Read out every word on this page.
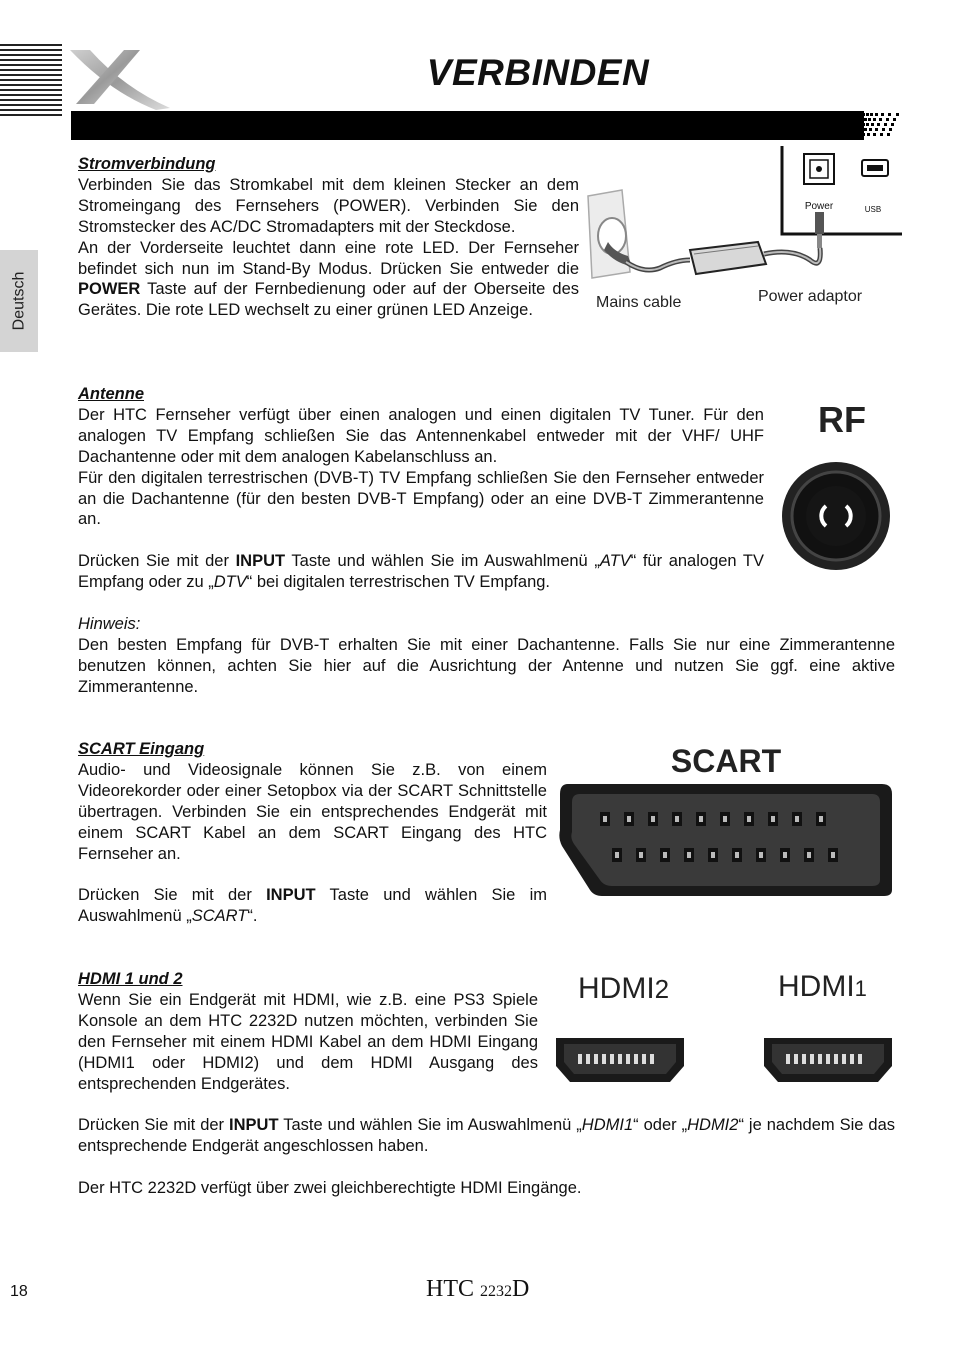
VERBINDEN
Deutsch

Stromverbindung

Verbinden Sie das Stromkabel mit dem kleinen Stecker an dem Stromeingang des Fernsehers (POWER). Verbinden Sie den Stromstecker des AC/DC Stromadapters mit der Steckdose.

An der Vorderseite leuchtet dann eine rote LED. Der Fernseher befindet sich nun im Stand-By Modus. Drücken Sie entweder die POWER Taste auf der Fernbedienung oder auf der Oberseite des Gerätes. Die rote LED wechselt zu einer grünen LED Anzeige.

Power	USB
Mains cable	Power adaptor

Antenne

Der HTC Fernseher verfügt über einen analogen und einen digitalen TV Tuner. Für den analogen TV Empfang schließen Sie das Antennenkabel entweder mit der VHF/ UHF Dachantenne oder mit dem analogen Kabelanschluss an.

Für den digitalen terrestrischen (DVB-T) TV Empfang schließen Sie den Fernseher entweder an die Dachantenne (für den besten DVB-T Empfang) oder an eine DVB-T Zimmerantenne an.

Drücken Sie mit der INPUT Taste und wählen Sie im Auswahlmenü „ATV“ für analogen TV Empfang oder zu „DTV“ bei digitalen terrestrischen TV Empfang.

Hinweis:

Den besten Empfang für DVB-T erhalten Sie mit einer Dachantenne. Falls Sie nur eine Zimmerantenne benutzen können, achten Sie hier auf die Ausrichtung der Antenne und nutzen Sie ggf. eine aktive Zimmerantenne.

RF

SCART Eingang

Audio- und Videosignale können Sie z.B. von einem Videorekorder oder einer Setopbox via der SCART Schnittstelle übertragen. Verbinden Sie ein entsprechendes Endgerät mit einem SCART Kabel an dem SCART Eingang des HTC Fernseher an.

Drücken Sie mit der INPUT Taste und wählen Sie im Auswahlmenü „SCART“.

SCART

HDMI 1 und 2

Wenn Sie ein Endgerät mit HDMI, wie z.B. eine PS3 Spiele Konsole an dem HTC 2232D nutzen möchten, verbinden Sie den Fernseher mit einem HDMI Kabel an dem HDMI Eingang (HDMI1 oder HDMI2) und dem HDMI Ausgang des entsprechenden Endgerätes.

Drücken Sie mit der INPUT Taste und wählen Sie im Auswahlmenü „HDMI1“ oder „HDMI2“ je nachdem Sie das entsprechende Endgerät angeschlossen haben.

Der HTC 2232D verfügt über zwei gleichberechtigte HDMI Eingänge.

HDMI2	HDMI1
18	HTC 2232D
